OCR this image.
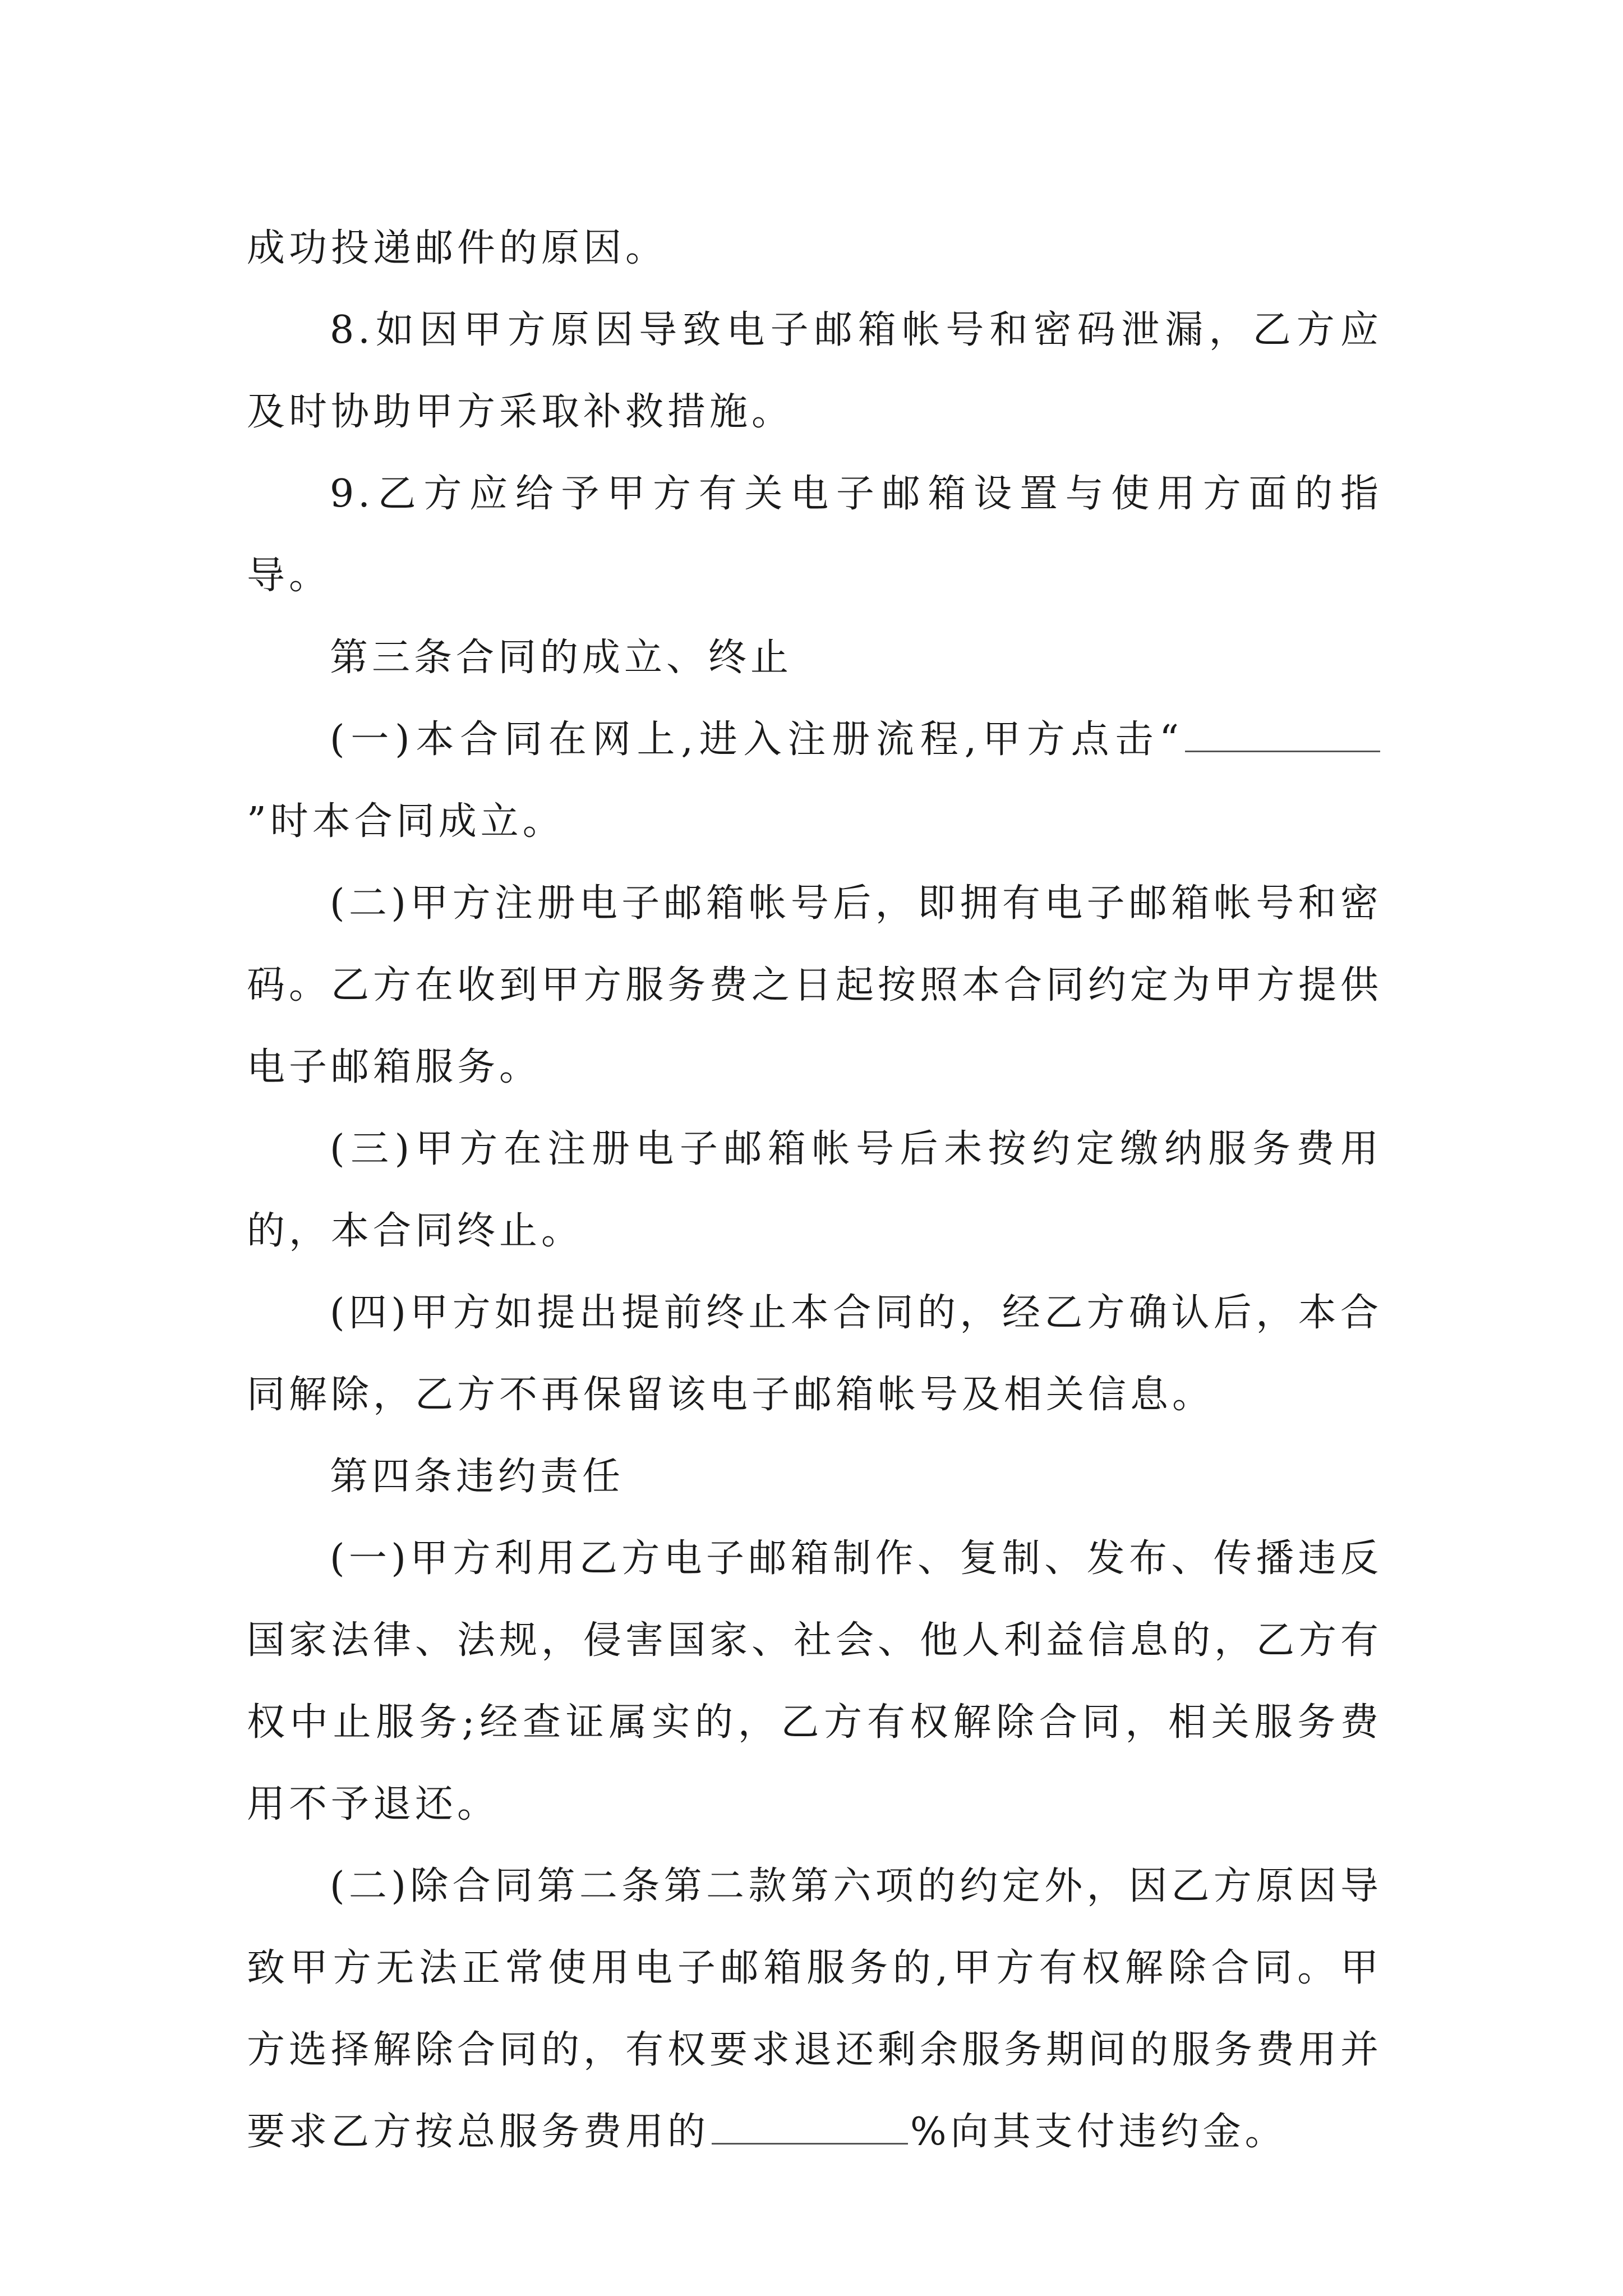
成功投递邮件的原因。

8.如因甲方原因导致电子邮箱帐号和密码泄漏，乙方应及时协助甲方采取补救措施。

9.乙方应给予甲方有关电子邮箱设置与使用方面的指导。

第三条合同的成立、终止

(一)本合同在网上,进入注册流程,甲方点击“”时本合同成立。

(二)甲方注册电子邮箱帐号后，即拥有电子邮箱帐号和密码。乙方在收到甲方服务费之日起按照本合同约定为甲方提供电子邮箱服务。

(三)甲方在注册电子邮箱帐号后未按约定缴纳服务费用的，本合同终止。

(四)甲方如提出提前终止本合同的，经乙方确认后，本合同解除，乙方不再保留该电子邮箱帐号及相关信息。

第四条违约责任

(一)甲方利用乙方电子邮箱制作、复制、发布、传播违反国家法律、法规，侵害国家、社会、他人利益信息的，乙方有权中止服务;经查证属实的，乙方有权解除合同，相关服务费用不予退还。

(二)除合同第二条第二款第六项的约定外，因乙方原因导致甲方无法正常使用电子邮箱服务的,甲方有权解除合同。甲方选择解除合同的，有权要求退还剩余服务期间的服务费用并要求乙方按总服务费用的	%向其支付违约金。
